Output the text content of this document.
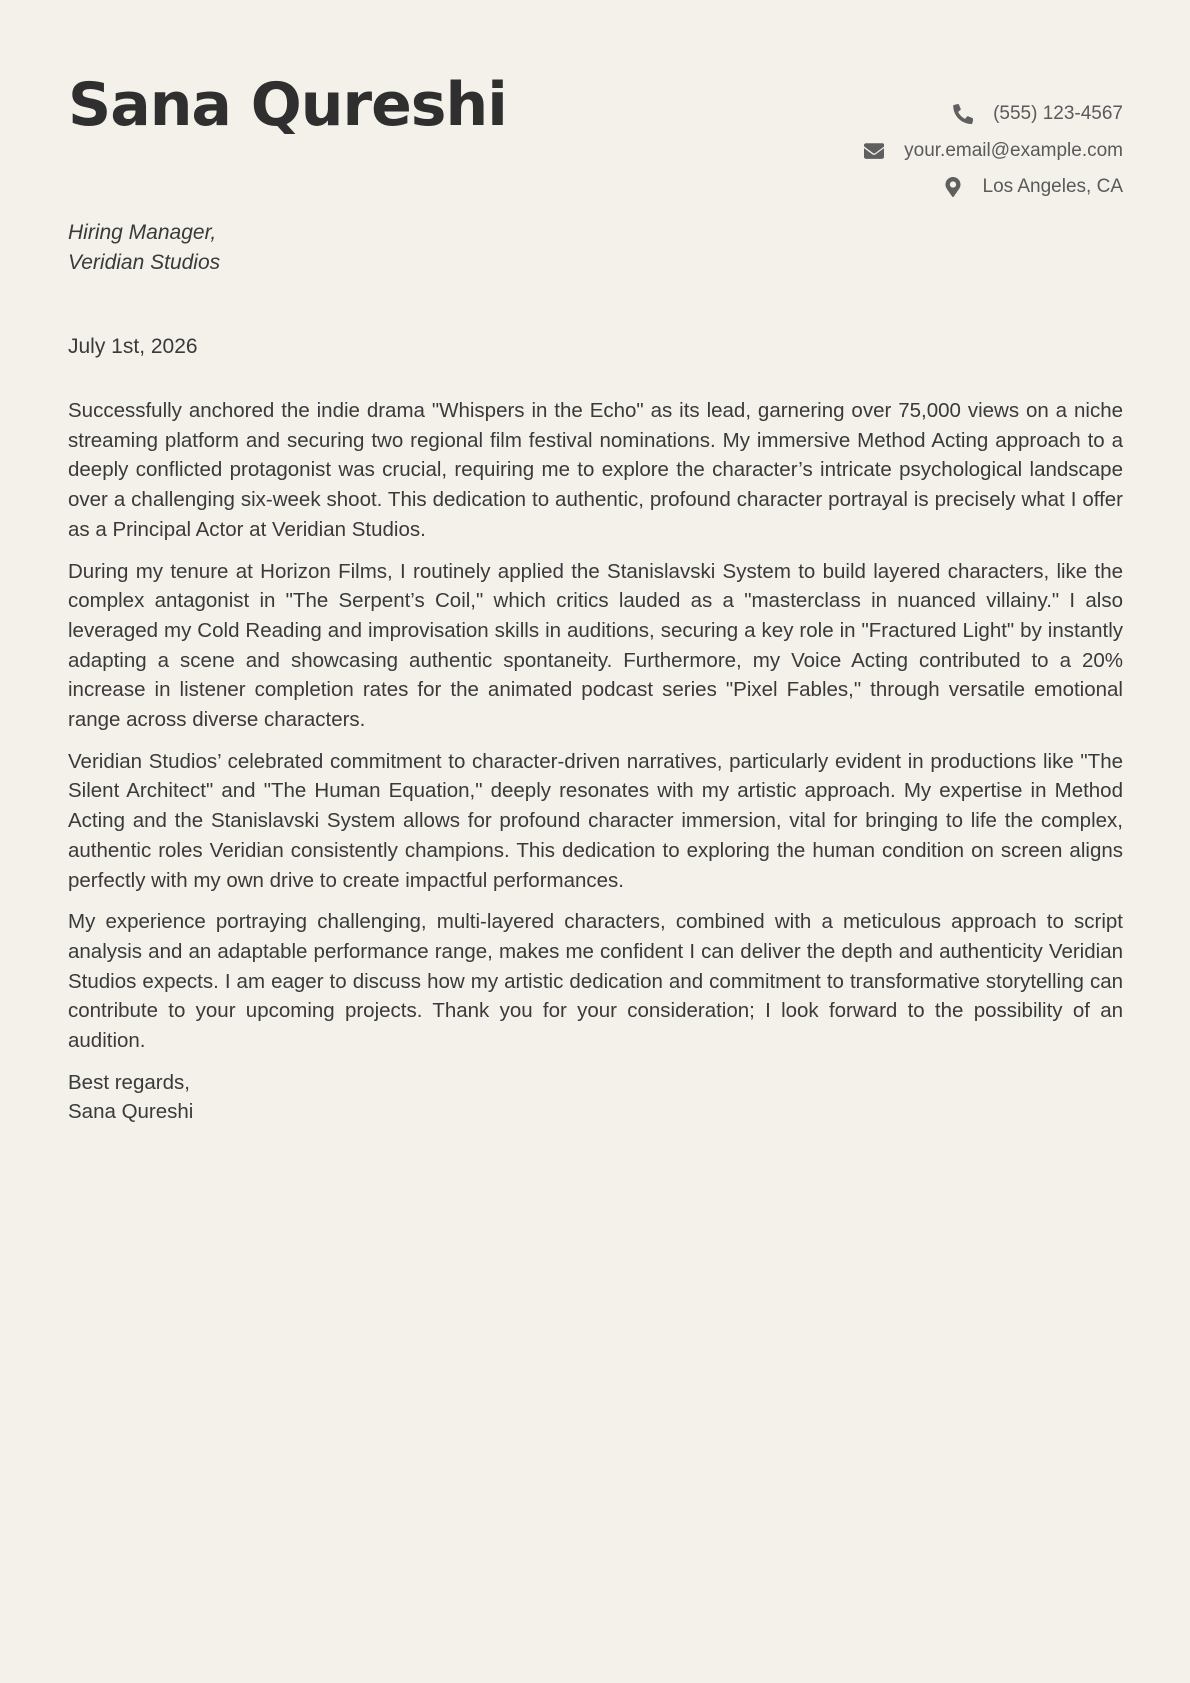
Sana Qureshi	(555) 123-4567
your.email@example.com
Los Angeles, CA
Hiring Manager,
Veridian Studios
July 1st, 2026

Successfully anchored the indie drama "Whispers in the Echo" as its lead, garnering over 75,000 views on a niche streaming platform and securing two regional film festival nominations. My immersive Method Acting approach to a deeply conflicted protagonist was crucial, requiring me to explore the character’s intricate psychological landscape over a challenging six-week shoot. This dedication to authentic, profound character portrayal is precisely what I offer as a Principal Actor at Veridian Studios.

During my tenure at Horizon Films, I routinely applied the Stanislavski System to build layered characters, like the complex antagonist in "The Serpent’s Coil," which critics lauded as a "masterclass in nuanced villainy." I also leveraged my Cold Reading and improvisation skills in auditions, securing a key role in "Fractured Light" by instantly adapting a scene and showcasing authentic spontaneity. Furthermore, my Voice Acting contributed to a 20% increase in listener completion rates for the animated podcast series "Pixel Fables," through versatile emotional range across diverse characters.

Veridian Studios’ celebrated commitment to character-driven narratives, particularly evident in productions like "The Silent Architect" and "The Human Equation," deeply resonates with my artistic approach. My expertise in Method Acting and the Stanislavski System allows for profound character immersion, vital for bringing to life the complex, authentic roles Veridian consistently champions. This dedication to exploring the human condition on screen aligns perfectly with my own drive to create impactful performances.

My experience portraying challenging, multi-layered characters, combined with a meticulous approach to script analysis and an adaptable performance range, makes me confident I can deliver the depth and authenticity Veridian Studios expects. I am eager to discuss how my artistic dedication and commitment to transformative storytelling can contribute to your upcoming projects. Thank you for your consideration; I look forward to the possibility of an audition.

Best regards,
Sana Qureshi
